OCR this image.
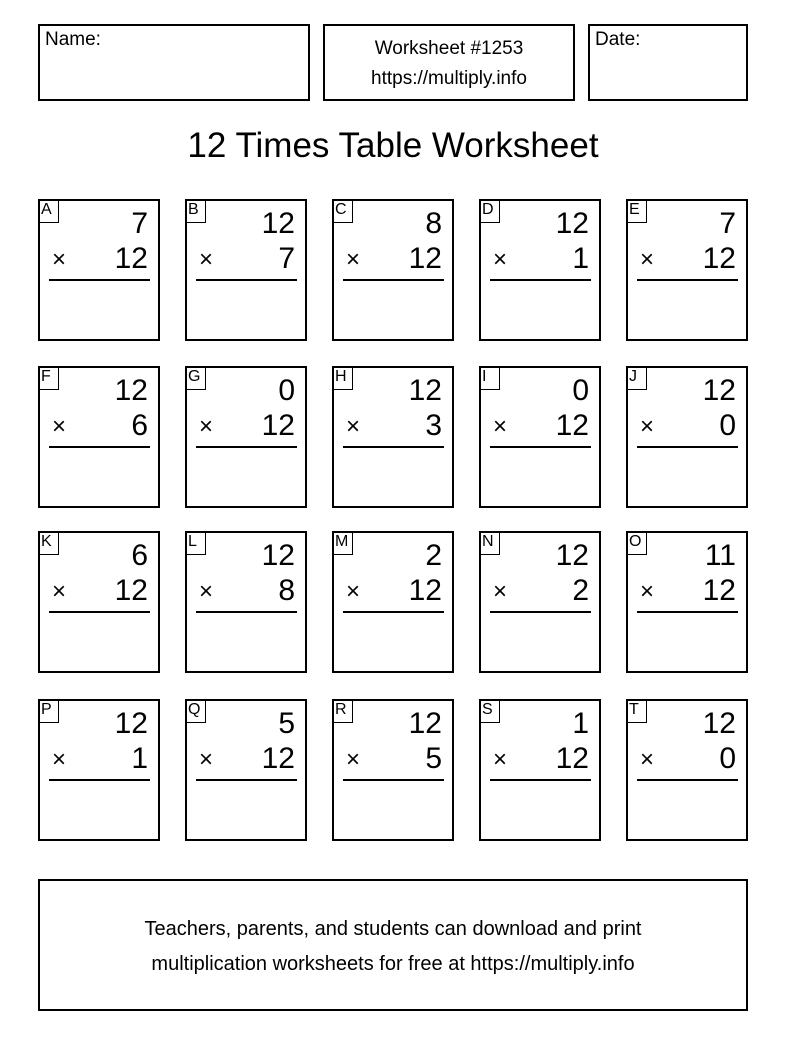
Name:	Worksheet #1253
https://multiply.info
Date:
12 Times Table Worksheet
A	7
× 12
B 12
× 7
C	8
× 12
D 12
× 1
E	7
× 12
F 12
× 6
G	0
× 12
H 12
× 3
I	0
× 12
J	12
× 0
K	6
× 12
L	12
× 8
M	2
× 12
N 12
× 2
O 11
× 12
P 12
× 1
Q	5
× 12
R 12
× 5
S	1
× 12
T 12
× 0
Teachers, parents, and students can download and print
multiplication worksheets for free at https://multiply.info
